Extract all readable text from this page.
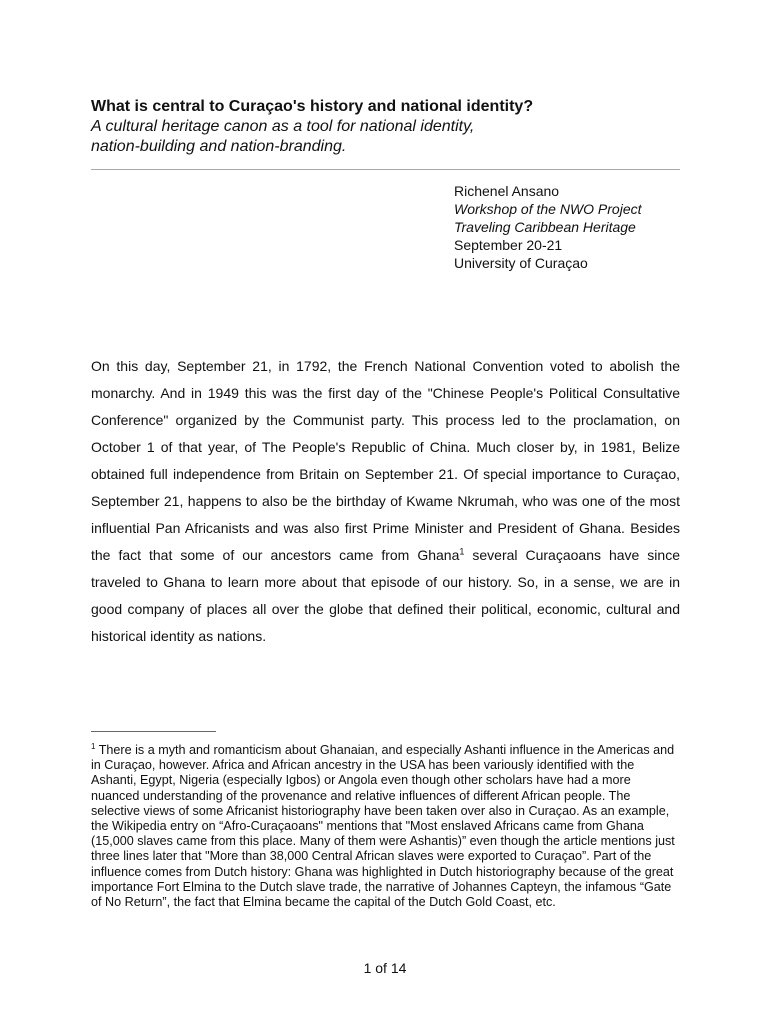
What is central to Curaçao's history and national identity?

A cultural heritage canon as a tool for national identity,

nation-building and nation-branding.

Richenel Ansano
Workshop of the NWO Project
Traveling Caribbean Heritage
September 20-21
University of Curaçao
On this day, September 21, in 1792, the French National Convention voted to abolish the monarchy. And in 1949 this was the first day of the "Chinese People's Political Consultative Conference" organized by the Communist party. This process led to the proclamation, on October 1 of that year, of The People's Republic of China. Much closer by, in 1981, Belize obtained full independence from Britain on September 21. Of special importance to Curaçao, September 21, happens to also be the birthday of Kwame Nkrumah, who was one of the most influential Pan Africanists and was also first Prime Minister and President of Ghana. Besides the fact that some of our ancestors came from Ghana$^1$ several Curaçaoans have since traveled to Ghana to learn more about that episode of our history. So, in a sense, we are in good company of places all over the globe that defined their political, economic, cultural and historical identity as nations.
$^1$ There is a myth and romanticism about Ghanaian, and especially Ashanti influence in the Americas and in Curaçao, however. Africa and African ancestry in the USA has been variously identified with the Ashanti, Egypt, Nigeria (especially Igbos) or Angola even though other scholars have had a more nuanced understanding of the provenance and relative influences of different African people. The selective views of some Africanist historiography have been taken over also in Curaçao. As an example, the Wikipedia entry on “Afro-Curaçaoans" mentions that "Most enslaved Africans came from Ghana (15,000 slaves came from this place. Many of them were Ashantis)” even though the article mentions just three lines later that "More than 38,000 Central African slaves were exported to Curaçao”. Part of the influence comes from Dutch history: Ghana was highlighted in Dutch historiography because of the great importance Fort Elmina to the Dutch slave trade, the narrative of Johannes Capteyn, the infamous “Gate of No Return”, the fact that Elmina became the capital of the Dutch Gold Coast, etc.
1 of 14
